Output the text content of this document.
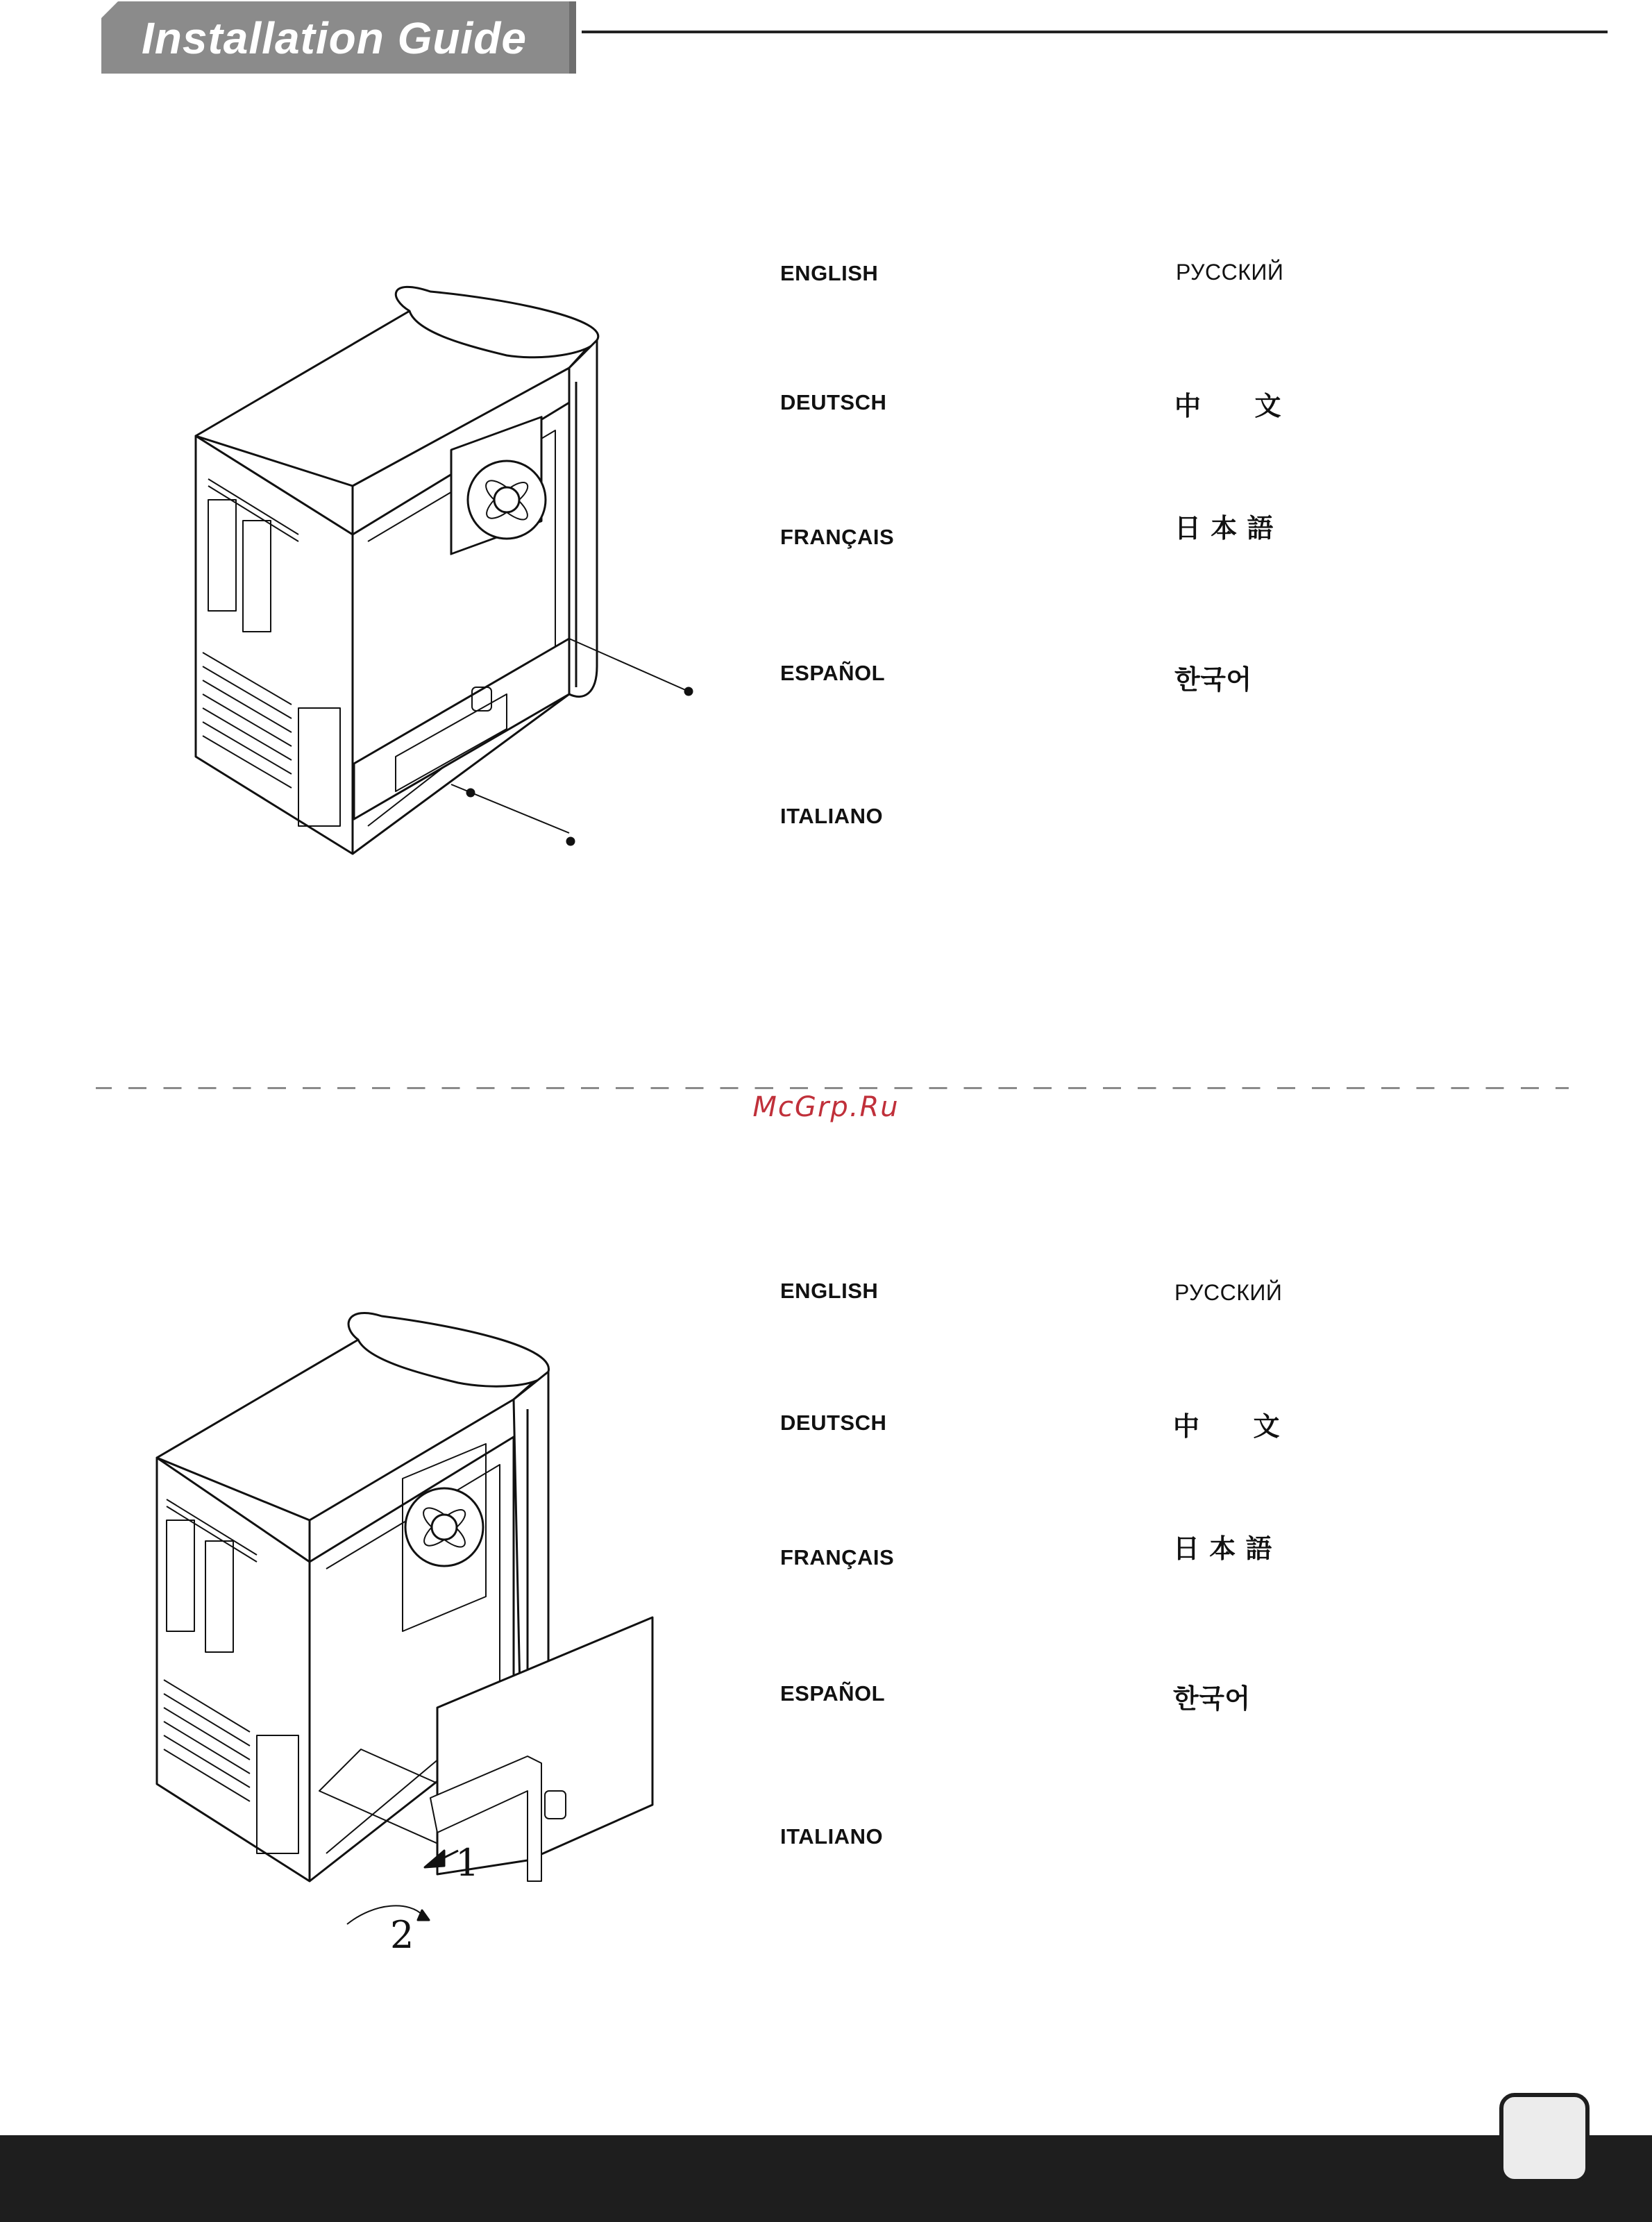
Installation Guide
ENGLISH
DEUTSCH
FRANÇAIS
ESPAÑOL
ITALIANO
РУССКИЙ
中　　文
日 本 語
한국어
McGrp.Ru
1
2
ENGLISH
DEUTSCH
FRANÇAIS
ESPAÑOL
ITALIANO
РУССКИЙ
中　　文
日 本 語
한국어
